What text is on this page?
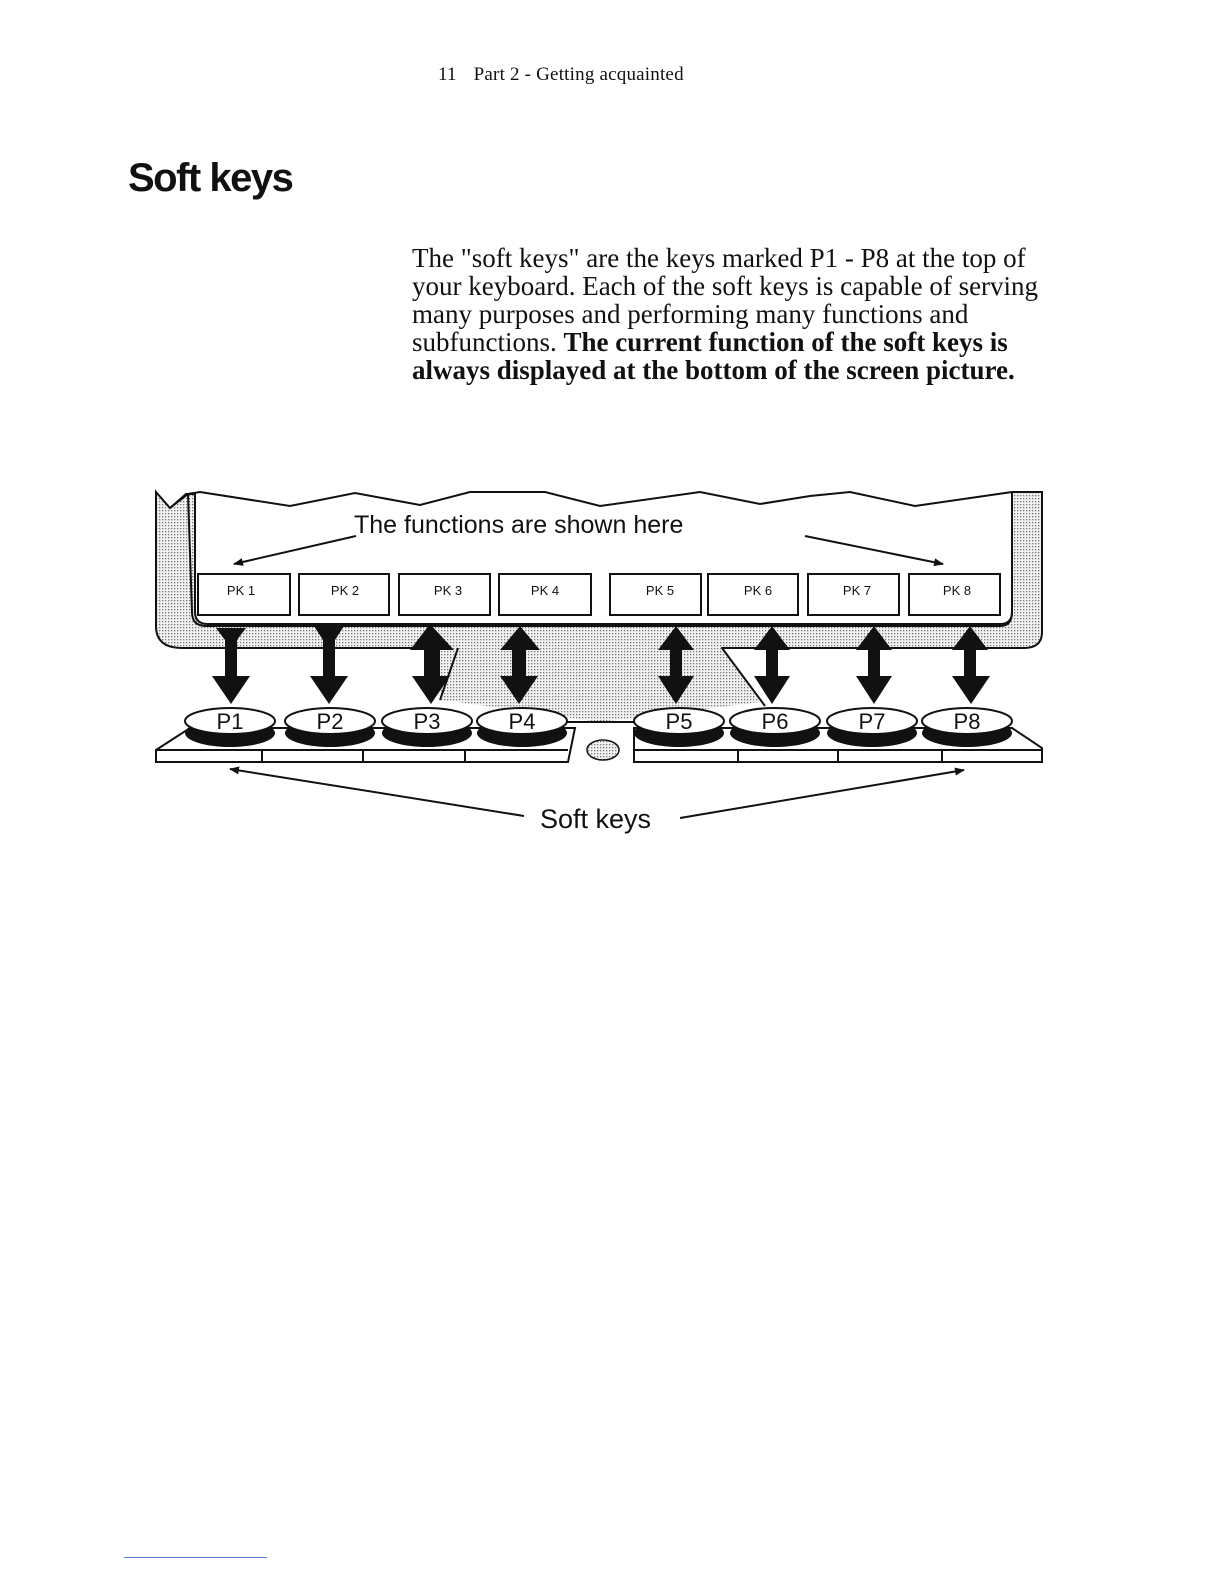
11 Part 2 - Getting acquainted
Soft keys

The "soft keys" are the keys marked P1 - P8 at the top of your keyboard. Each of the soft keys is capable of serving many purposes and performing many functions and subfunctions. The current function of the soft keys is always displayed at the bottom of the screen picture.

The functions are shown here
PK 1	PK 2	PK 3	PK 4	PK 5	PK 6	PK 7	PK 8
P1	P2	P3	P4	P5	P6	P7	P8
Soft keys
